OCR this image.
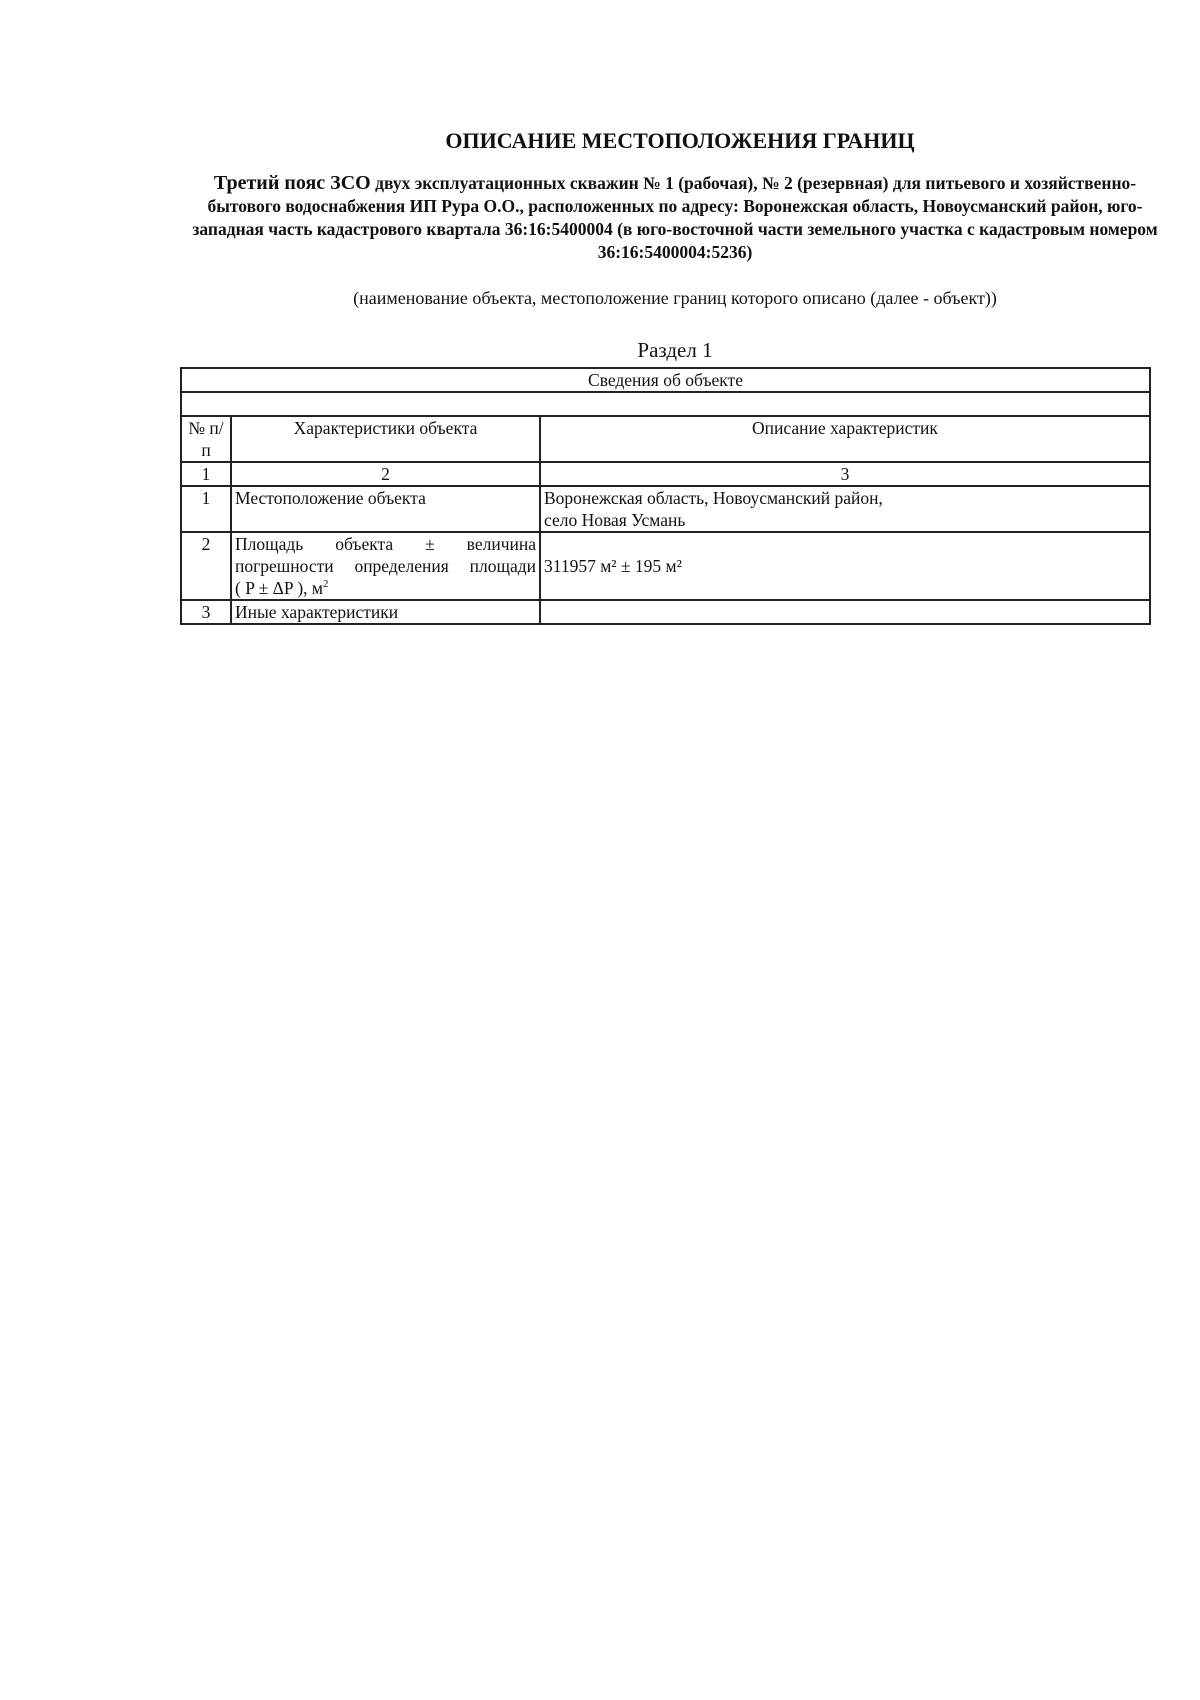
ОПИСАНИЕ МЕСТОПОЛОЖЕНИЯ ГРАНИЦ

Третий пояс ЗСО двух эксплуатационных скважин № 1 (рабочая), № 2 (резервная) для питьевого и хозяйственно-бытового водоснабжения ИП Рура О.О., расположенных по адресу: Воронежская область, Новоусманский район, юго-западная часть кадастрового квартала 36:16:5400004 (в юго-восточной части земельного участка с кадастровым номером 36:16:5400004:5236)

(наименование объекта, местоположение границ которого описано (далее - объект))

Раздел 1

Сведения об объекте		

№ п/п	Характеристики объекта	Описание характеристик
1	2	3
1	Местоположение объекта	Воронежская область, Новоусманский район,
село Новая Усмань

2	Площадь объекта ± величина
погрешности определения площади
( P ± ΔP ), $м^2$	311957 м² ± 195 м²
3	Иные характеристики	
